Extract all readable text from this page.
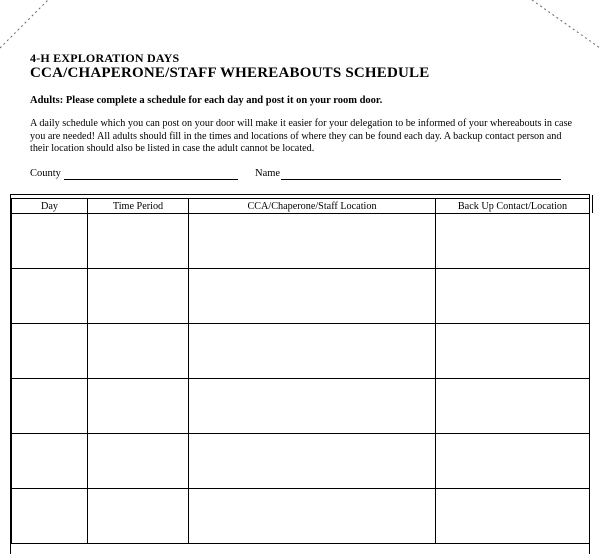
4-H EXPLORATION DAYS
CCA/CHAPERONE/STAFF WHEREABOUTS SCHEDULE
Adults: Please complete a schedule for each day and post it on your room door.
A daily schedule which you can post on your door will make it easier for your delegation to be informed of your whereabouts in case you are needed! All adults should fill in the times and locations of where they can be found each day. A backup contact person and their location should also be listed in case the adult cannot be located.
County	Name
Day	Time Period	CCA/Chaperone/Staff Location	Back Up Contact/Location
